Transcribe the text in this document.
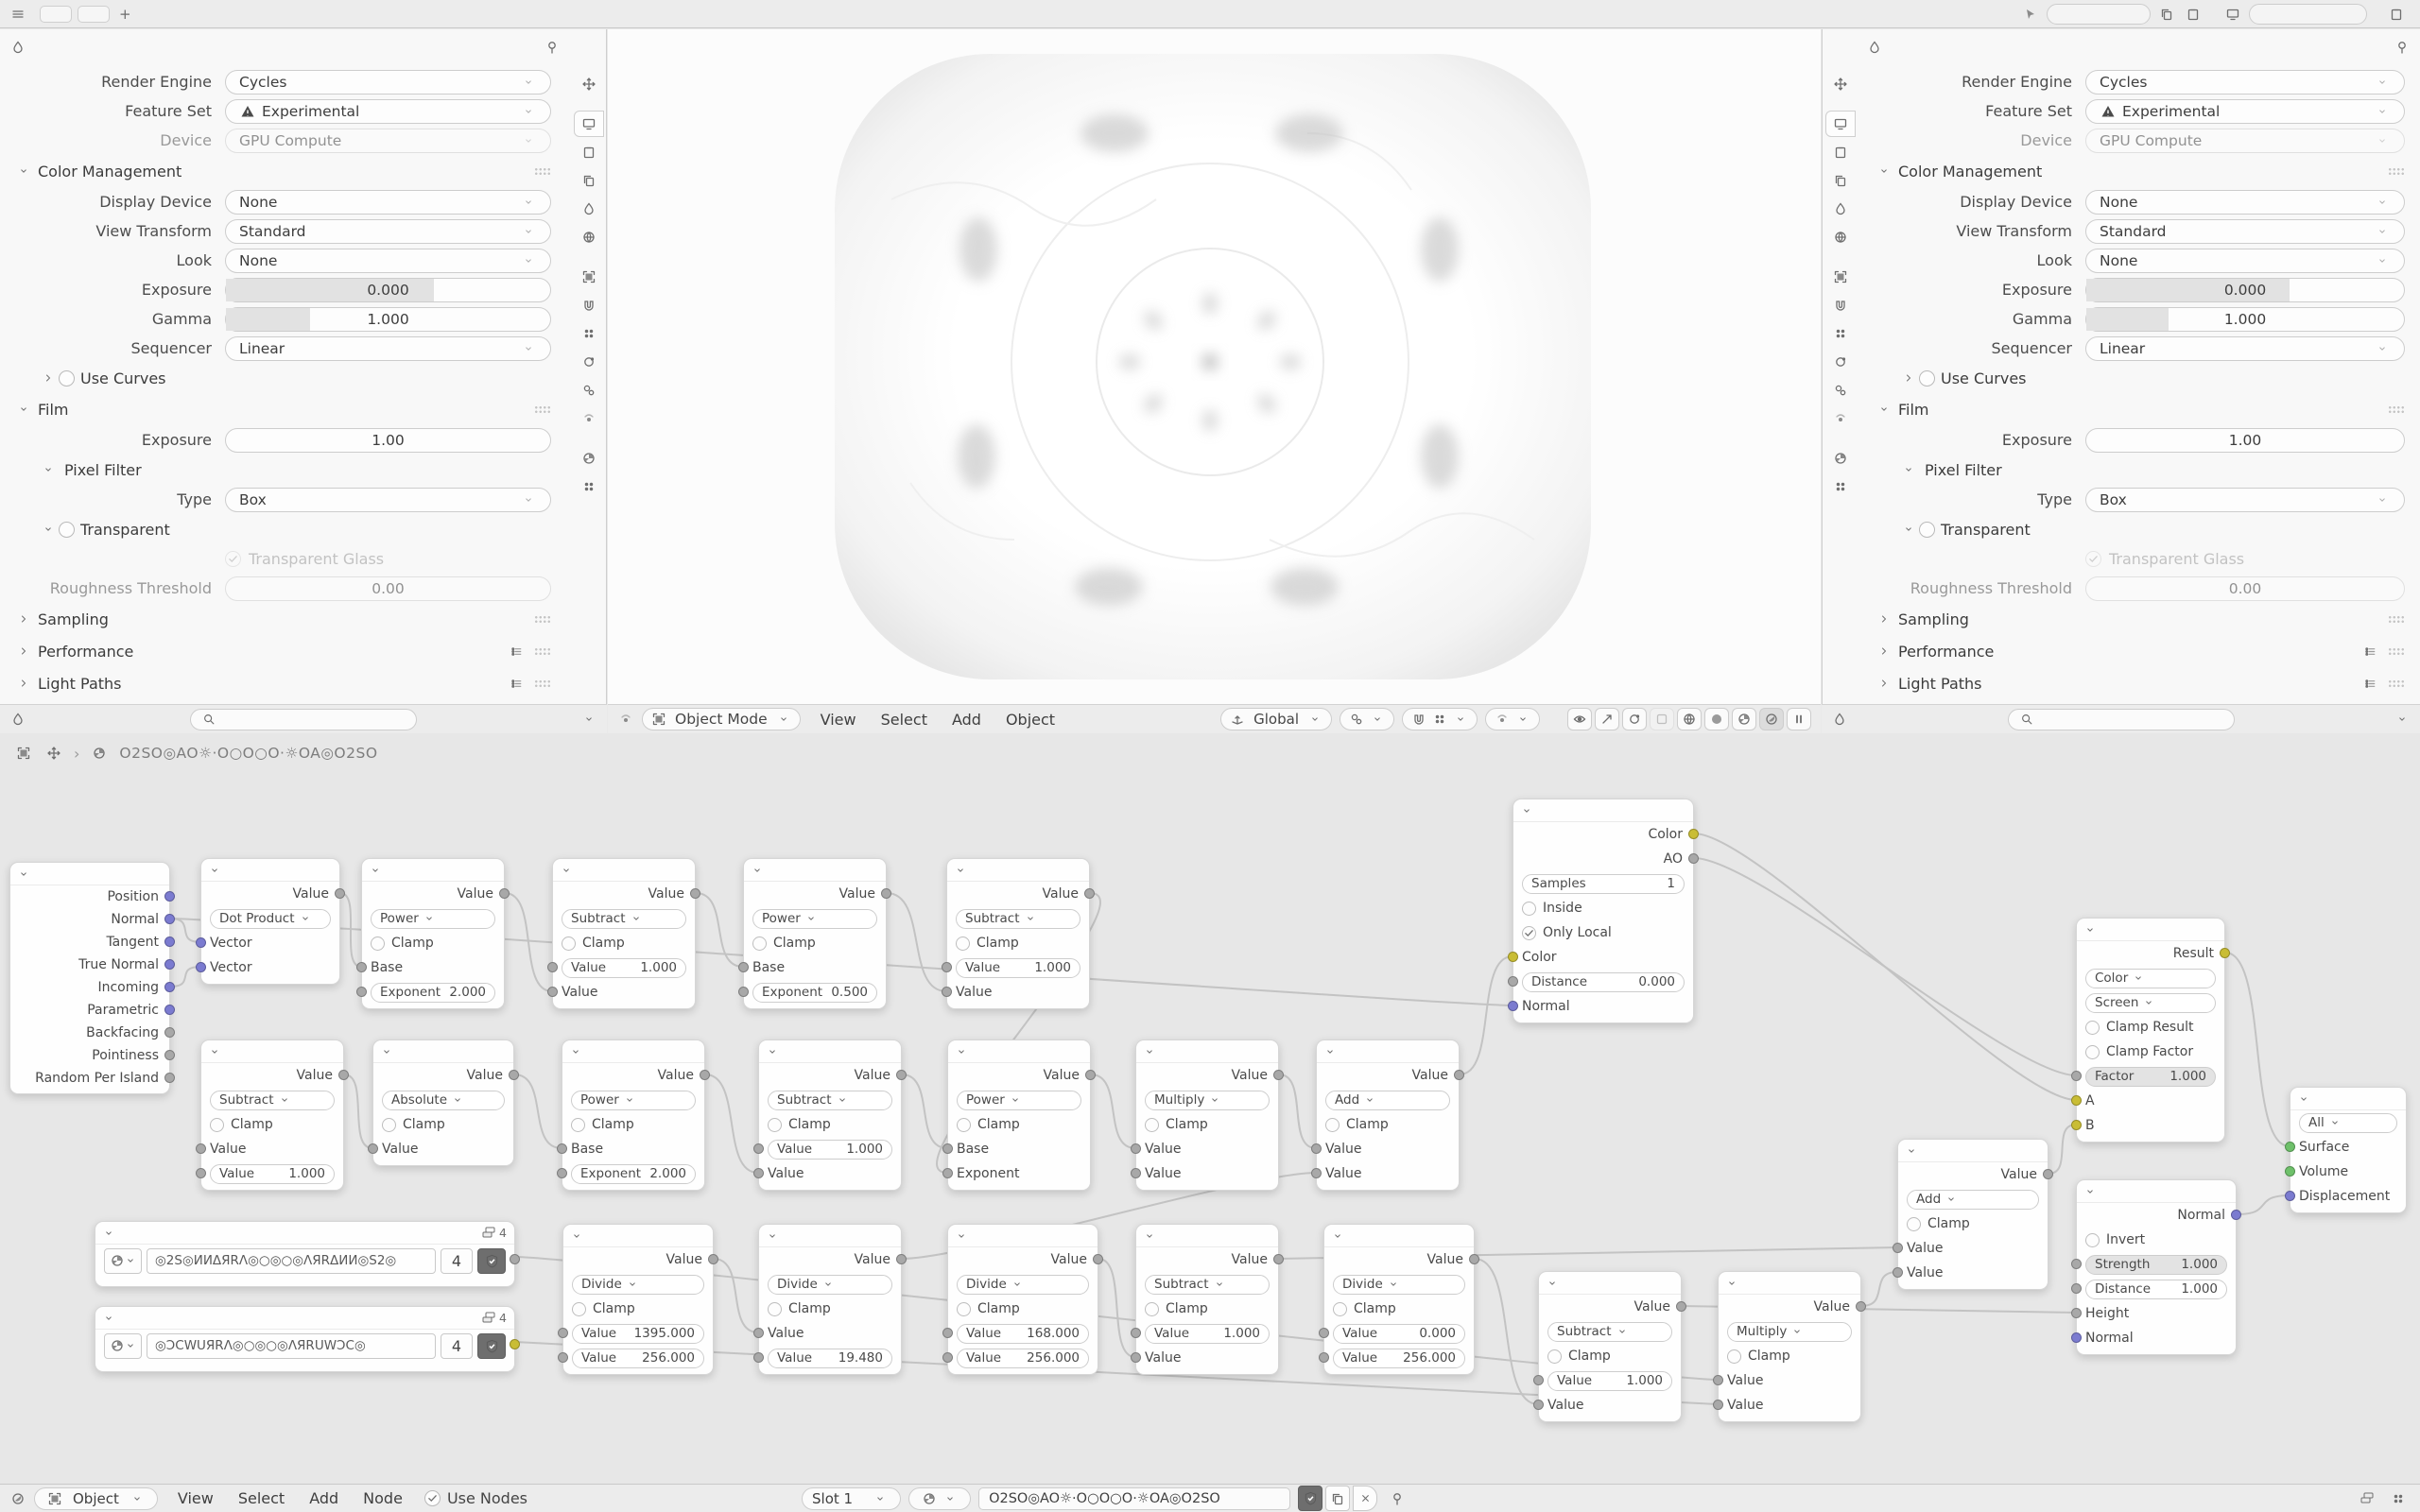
+
Render Engine	Cycles
Feature Set	Experimental
Device	GPU Compute
Color Management
Display Device	None
View Transform	Standard
Look	None
Exposure	0.000
Gamma	1.000
Sequencer	Linear
Use Curves
Film
Exposure	1.00
Pixel Filter
Type	Box
Transparent
Transparent Glass
Roughness Threshold	0.00
Sampling
Performance
Light Paths
Render Engine	Cycles
Feature Set	Experimental
Device	GPU Compute
Color Management
Display Device	None
View Transform	Standard
Look	None
Exposure	0.000
Gamma	1.000
Sequencer	Linear
Use Curves
Film
Exposure	1.00
Pixel Filter
Type	Box
Transparent
Transparent Glass
Roughness Threshold	0.00
Sampling
Performance
Light Paths
Object Mode	View Select Add Object	Global
›	O2SO◎AO☼·O○O○O·☼OA◎O2SO
Position
Normal
Tangent
True Normal
Incoming
Parametric
Backfacing
Pointiness
Random Per Island
Value
Dot Product
Vector
Vector
Value
Power
Clamp
Base
Exponent 2.000
Value
Subtract
Clamp
Value	1.000
Value
Value
Power
Clamp
Base
Exponent 0.500
Value
Subtract
Clamp
Value	1.000
Value
Value
Subtract
Clamp
Value
Value	1.000
Value
Absolute
Clamp
Value
Value
Power
Clamp
Base
Exponent 2.000
Value
Subtract
Clamp
Value	1.000
Value
Value
Power
Clamp
Base
Exponent
Value
Multiply
Clamp
Value
Value
Value
Add
Clamp
Value
Value
Color
AO
Samples	1
Inside
Only Local
Color
Distance	0.000
Normal
4
◎2S◎ИИΔЯRΛ◎○◎○◎ΛЯRΔИИ◎S2◎	4
4
◎ƆCWUЯRΛ◎○◎○◎ΛЯRUWƆC◎	4
Value
Divide
Clamp
Value 1395.000
Value 256.000
Value
Divide
Clamp
Value
Value 19.480
Value
Divide
Clamp
Value 168.000
Value 256.000
Value
Subtract
Clamp
Value	1.000
Value
Value
Divide
Clamp
Value	0.000
Value 256.000
Value
Subtract
Clamp
Value	1.000
Value
Value
Multiply
Clamp
Value
Value
Value
Add
Clamp
Value
Value
Result
Color
Screen
Clamp Result
Clamp Factor
Factor	1.000
A
B
Normal
Invert
Strength 1.000
Distance 1.000
Height
Normal
All
Surface
Volume
Displacement
Object	View Select Add Node	Use Nodes	Slot 1	O2SO◎AO☼·O○O○O·☼OA◎O2SO
